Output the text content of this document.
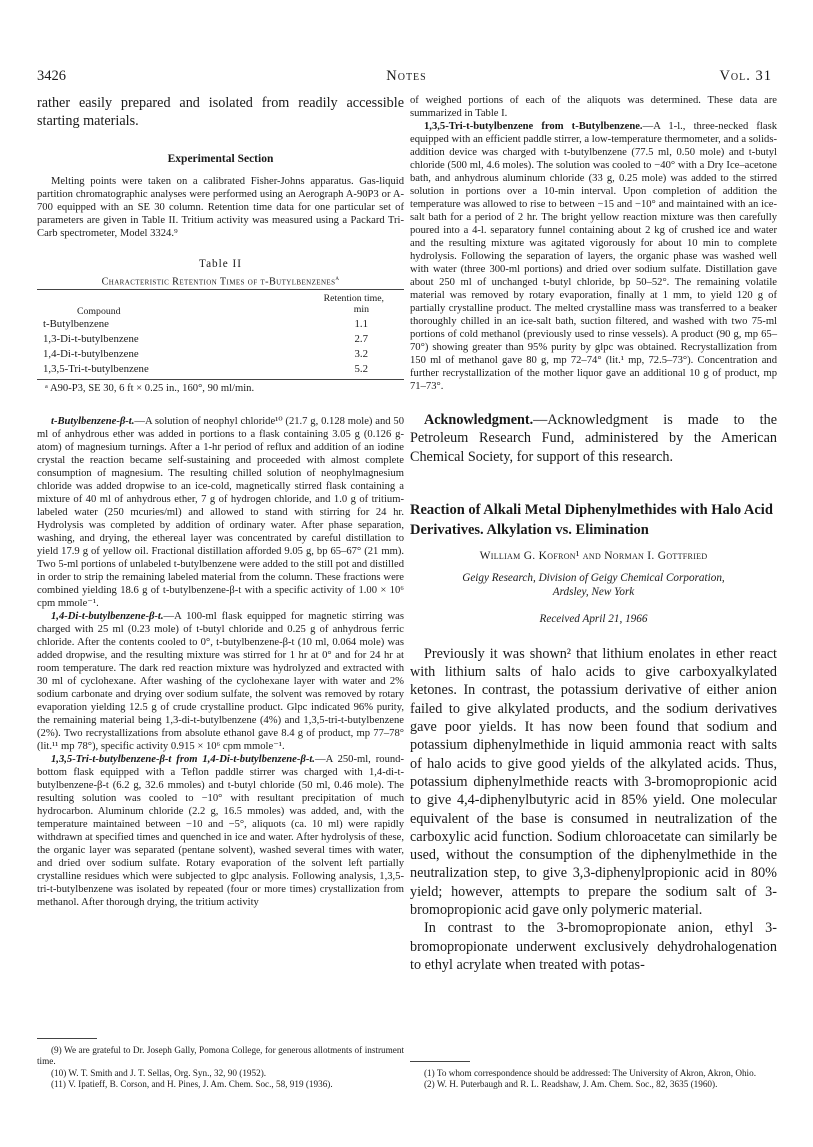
3426	Notes	Vol. 31

rather easily prepared and isolated from readily accessible starting materials.

Experimental Section

Melting points were taken on a calibrated Fisher-Johns apparatus. Gas-liquid partition chromatographic analyses were performed using an Aerograph A-90P3 or A-700 equipped with an SE 30 column. Retention time data for one particular set of parameters are given in Table II. Tritium activity was measured using a Packard Tri-Carb spectrometer, Model 3324.⁹

Table II
Characteristic Retention Times of t-Butylbenzenes$^a$
Compound	Retention time,
min

t-Butylbenzene	1.1
1,3-Di-t-butylbenzene	2.7
1,4-Di-t-butylbenzene	3.2
1,3,5-Tri-t-butylbenzene	5.2

ᵃ A90-P3, SE 30, 6 ft × 0.25 in., 160°, 90 ml/min.

t-Butylbenzene-β-t.—A solution of neophyl chloride¹⁰ (21.7 g, 0.128 mole) and 50 ml of anhydrous ether was added in portions to a flask containing 3.05 g (0.126 g-atom) of magnesium turnings. After a 1-hr period of reflux and addition of an iodine crystal the reaction became self-sustaining and proceeded with almost complete consumption of magnesium. The resulting chilled solution of neophylmagnesium chloride was added dropwise to an ice-cold, magnetically stirred flask containing a mixture of 40 ml of anhydrous ether, 7 g of hydrogen chloride, and 1.0 g of tritium-labeled water (250 mcuries/ml) and allowed to stand with stirring for 24 hr. Hydrolysis was completed by addition of ordinary water. After phase separation, washing, and drying, the ethereal layer was concentrated by careful distillation to yield 17.9 g of yellow oil. Fractional distillation afforded 9.05 g, bp 65–67° (21 mm). Two 5-ml portions of unlabeled t-butylbenzene were added to the still pot and distilled in order to strip the remaining labeled material from the column. These fractions were combined yielding 18.6 g of t-butylbenzene-β-t with a specific activity of 1.00 × 10⁶ cpm mmole⁻¹.

1,4-Di-t-butylbenzene-β-t.—A 100-ml flask equipped for magnetic stirring was charged with 25 ml (0.23 mole) of t-butyl chloride and 0.25 g of anhydrous ferric chloride. After the contents cooled to 0°, t-butylbenzene-β-t (10 ml, 0.064 mole) was added dropwise, and the resulting mixture was stirred for 1 hr at 0° and for 24 hr at room temperature. The dark red reaction mixture was hydrolyzed and extracted with 30 ml of cyclohexane. After washing of the cyclohexane layer with water and 2% sodium carbonate and drying over sodium sulfate, the solvent was removed by rotary evaporation yielding 12.5 g of crude crystalline product. Glpc indicated 96% purity, the remaining material being 1,3-di-t-butylbenzene (4%) and 1,3,5-tri-t-butylbenzene (2%). Two recrystallizations from absolute ethanol gave 8.4 g of product, mp 77–78° (lit.¹¹ mp 78°), specific activity 0.915 × 10⁶ cpm mmole⁻¹.

1,3,5-Tri-t-butylbenzene-β-t from 1,4-Di-t-butylbenzene-β-t.—A 250-ml, round-bottom flask equipped with a Teflon paddle stirrer was charged with 1,4-di-t-butylbenzene-β-t (6.2 g, 32.6 mmoles) and t-butyl chloride (50 ml, 0.46 mole). The resulting solution was cooled to −10° with resultant precipitation of much hydrocarbon. Aluminum chloride (2.2 g, 16.5 mmoles) was added, and, with the temperature maintained between −10 and −5°, aliquots (ca. 10 ml) were rapidly withdrawn at specified times and quenched in ice and water. After hydrolysis of these, the organic layer was separated (pentane solvent), washed several times with water, and dried over sodium sulfate. Rotary evaporation of the solvent left partially crystalline residues which were subjected to glpc analysis. Following analysis, 1,3,5-tri-t-butylbenzene was isolated by repeated (four or more times) crystallization from methanol. After thorough drying, the tritium activity

(9) We are grateful to Dr. Joseph Gally, Pomona College, for generous allotments of instrument time.

(10) W. T. Smith and J. T. Sellas, Org. Syn., 32, 90 (1952).

(11) V. Ipatieff, B. Corson, and H. Pines, J. Am. Chem. Soc., 58, 919 (1936).

of weighed portions of each of the aliquots was determined. These data are summarized in Table I.

1,3,5-Tri-t-butylbenzene from t-Butylbenzene.—A 1-l., three-necked flask equipped with an efficient paddle stirrer, a low-temperature thermometer, and a solids-addition device was charged with t-butylbenzene (77.5 ml, 0.50 mole) and t-butyl chloride (500 ml, 4.6 moles). The solution was cooled to −40° with a Dry Ice–acetone bath, and anhydrous aluminum chloride (33 g, 0.25 mole) was added to the stirred solution in portions over a 10-min interval. Upon completion of addition the temperature was allowed to rise to between −15 and −10° and maintained with an ice-salt bath for a period of 2 hr. The bright yellow reaction mixture was then carefully poured into a 4-l. separatory funnel containing about 2 kg of crushed ice and water and the resulting mixture was agitated vigorously for about 10 min to complete hydrolysis. Following the separation of layers, the organic phase was washed well with water (three 300-ml portions) and dried over sodium sulfate. Distillation gave about 250 ml of unchanged t-butyl chloride, bp 50–52°. The remaining volatile material was removed by rotary evaporation, finally at 1 mm, to yield 120 g of partially crystalline product. The melted crystalline mass was transferred to a beaker thoroughly chilled in an ice-salt bath, suction filtered, and washed with two 75-ml portions of cold methanol (previously used to rinse vessels). A product (90 g, mp 65–70°) showing greater than 95% purity by glpc was obtained. Recrystallization from 150 ml of methanol gave 80 g, mp 72–74° (lit.¹ mp, 72.5–73°). Concentration and further recrystallization of the mother liquor gave an additional 10 g of product, mp 71–73°.

Acknowledgment.—Acknowledgment is made to the Petroleum Research Fund, administered by the American Chemical Society, for support of this research.

Reaction of Alkali Metal Diphenylmethides with Halo Acid Derivatives. Alkylation vs. Elimination
William G. Kofron¹ and Norman I. Gottfried
Geigy Research, Division of Geigy Chemical Corporation,
Ardsley, New York
Received April 21, 1966

Previously it was shown² that lithium enolates in ether react with lithium salts of halo acids to give carboxyalkylated ketones. In contrast, the potassium derivative of either anion failed to give alkylated products, and the sodium derivatives gave poor yields. It has now been found that sodium and potassium diphenylmethide in liquid ammonia react with salts of halo acids to give good yields of the alkylated acids. Thus, potassium diphenylmethide reacts with 3-bromopropionic acid to give 4,4-diphenylbutyric acid in 85% yield. One molecular equivalent of the base is consumed in neutralization of the carboxylic acid function. Sodium chloroacetate can similarly be used, without the consumption of the diphenylmethide in the neutralization step, to give 3,3-diphenylpropionic acid in 80% yield; however, attempts to prepare the sodium salt of 3-bromopropionic acid gave only polymeric material.

In contrast to the 3-bromopropionate anion, ethyl 3-bromopropionate underwent exclusively dehydrohalogenation to ethyl acrylate when treated with potas-

(1) To whom correspondence should be addressed: The University of Akron, Akron, Ohio.

(2) W. H. Puterbaugh and R. L. Readshaw, J. Am. Chem. Soc., 82, 3635 (1960).
